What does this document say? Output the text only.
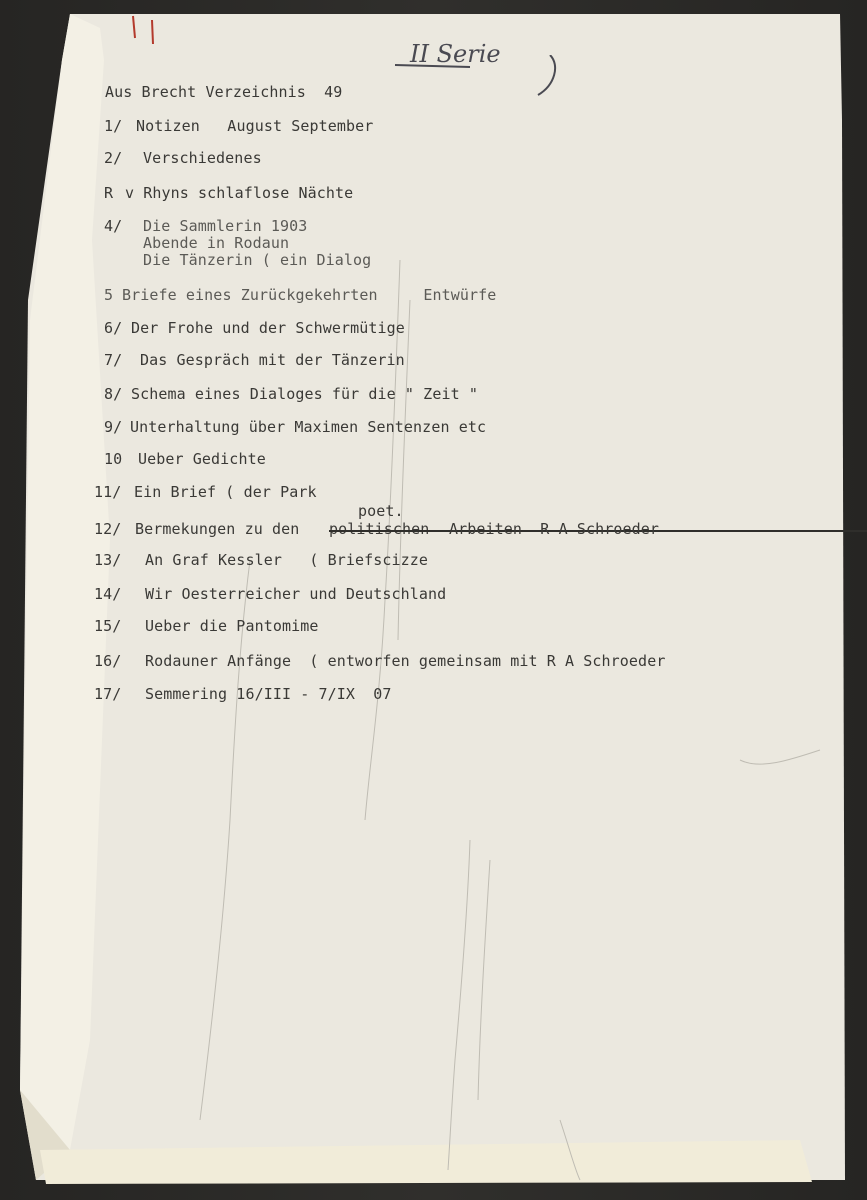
II Serie
Aus Brecht Verzeichnis  49
1/ Notizen   August September
2/ Verschiedenes
R v Rhyns schlaflose Nächte
4/ Die Sammlerin 1903
Abende in Rodaun
Die Tänzerin ( ein Dialog
5 Briefe eines Zurückgekehrten     Entwürfe
6/ Der Frohe und der Schwermütige
7/ Das Gespräch mit der Tänzerin
8/ Schema eines Dialoges für die " Zeit "
9/ Unterhaltung über Maximen Sentenzen etc
10 Ueber Gedichte
11/ Ein Brief ( der Park
poet.
12/ Bermekungen zu den politischen	Arbeiten  R A Schroeder
13/ An Graf Kessler   ( Briefscizze
14/ Wir Oesterreicher und Deutschland
15/ Ueber die Pantomime
16/ Rodauner Anfänge  ( entworfen gemeinsam mit R A Schroeder
17/ Semmering 16/III - 7/IX  07
